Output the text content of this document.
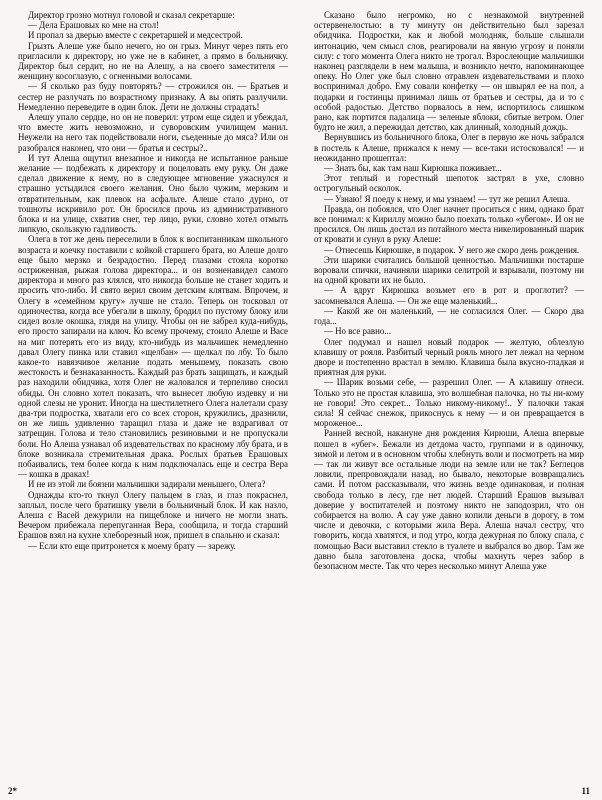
Директор грозно мотнул головой и сказал секретарше:

— Дела Ерашовых ко мне на стол!

И пропал за дверью вместе с секретаршей и медсестрой.

Грызть Алеше уже было нечего, но он грыз. Минут через пять его пригласили к директору, но уже не в кабинет, а прямо в больничку. Директор был сердит, но не на Алешу, а на своего заместителя — женщину косоглазую, с огненными волосами.

— Я сколько раз буду повторять? — строжился он. — Братьев и сестер не разлучать по возрастному признаку. А вы опять разлучили. Немедленно переведите в один блок. Дети не должны страдать!

Алешу упало сердце, но он не поверил: утром еще сидел и убеждал, что вместе жить невозможно, и суворовским училищем манил. Неужели на него так подействовали ноги, съеденные до мяса? Или он разобрался наконец, что они — братья и сестры?..

И тут Алеша ощутил внезапное и никогда не испытанное раньше желание — подбежать к директору и поцеловать ему руку. Он даже сделал движение к нему, но в следующее мгновение ужаснулся и страшно устыдился своего желания. Оно было чужим, мерзким и отвратительным, как плевок на асфальте. Алеше стало дурно, от тошноты искривило рот. Он бросился прочь из административного блока и на улице, схватив снег, тер лицо, руки, словно хотел отмыть липкую, скользкую гадливость.

Олега в тот же день переселили в блок к воспитанникам школьного возраста и коечку поставили с койкой старшего брата, но Алеше долго еще было мерзко и безрадостно. Перед глазами стояла коротко остриженная, рыжая голова директора... и он возненавидел самого директора и много раз клялся, что никогда больше не станет ходить и просить что-либо. И свято верил своим детским клятвам. Впрочем, и Олегу в «семейном кругу» лучше не стало. Теперь он тосковал от одиночества, когда все убегали в школу, бродил по пустому блоку или сидел возле окошка, глядя на улицу. Чтобы он не забрел куда-нибудь, его просто запирали на ключ. Ко всему прочему, стоило Алеше и Васе на миг потерять его из виду, кто-нибудь из мальчишек немедленно давал Олегу пинка или ставил «щелбан» — щелкал по лбу. То было какое-то навязчивое желание подать меньшему, показать свою жестокость и безнаказанность. Каждый раз брать защищать, и каждый раз находили обидчика, хотя Олег не жаловался и терпеливо сносил обиды. Он словно хотел показать, что вынесет любую издевку и ни одной слезы не уронит. Иногда на шестилетнего Олега налетали сразу два-три подростка, хватали его со всех сторон, кружились, дразнили, он же лишь удивленно таращил глаза и даже не вздрагивал от затрещин. Голова и тело становились резиновыми и не пропускали боли. Но Алеша узнавал об издевательствах по красному лбу брата, и в блоке возникала стремительная драка. Рослых братьев Ерашовых побаивались, тем более когда к ним подключалась еще и сестра Вера — кошка в драках!

И не из этой ли боязни мальчишки задирали меньшего, Олега?

Однажды кто-то ткнул Олегу пальцем в глаз, и глаз покраснел, заплыл, после чего братишку увели в больничный блок. И как назло, Алеша с Васей дежурили на пищеблоке и ничего не могли знать. Вечером прибежала перепуганная Вера, сообщила, и тогда старший Ерашов взял на кухне хлеборезный нож, пришел в спальню и сказал:

— Если кто еще притронется к моему брату — зарежу.

Сказано было негромко, но с незнакомой внутренней остервенелостью: в ту минуту он действительно был зарезал обидчика. Подростки, как и любой молодняк, больше слышали интонацию, чем смысл слов, реагировали на явную угрозу и поняли силу: с того момента Олега никто не трогал. Взрослеющие мальчишки наконец разглядели в нем малыша, и возникло нечто, напоминающее опеку. Но Олег уже был словно отравлен издевательствами и плохо воспринимал добро. Ему совали конфетку — он швырял ее на пол, а подарки и гостинцы принимал лишь от братьев и сестры, да и то с особой радостью. Детство порвалось в нем, испортилось слишком рано, как портится падалица — зеленые яблоки, сбитые ветром. Олег будто не жил, а пережидал детство, как длинный, холодный дождь.

Вернувшись из больничного блока, Олег в первую же ночь забрался в постель к Алеше, прижался к нему — все-таки истосковался! — и неожиданно прошептал:

— Знать бы, как там наш Кирюшка поживает...

Этот теплый и горестный шепоток застрял в ухе, словно острогульный осколок.

— Узнаю! Я поеду к нему, и мы узнаем! — тут же решил Алеша.

Правда, он побоялся, что Олег начнет проситься с ним, однако брат все понимал: к Кириллу можно было поехать только «убегом». И он не просился. Он лишь достал из потайного места никелированный шарик от кровати и сунул в руку Алеше:

— Отнесешь Кирюшке, в подарок. У него же скоро день рождения.

Эти шарики считались большой ценностью. Мальчишки постарше воровали спички, начиняли шарики селитрой и взрывали, поэтому ни на одной кровати их не было.

— А вдруг Кирюшка возьмет его в рот и проглотит? — засомневался Алеша. — Он же еще маленький...

— Какой же он маленький, — не согласился Олег. — Скоро два года...

— Но все равно...

Олег подумал и нашел новый подарок — желтую, облезлую клавишу от рояля. Разбитый черный рояль много лет лежал на черном дворе и постепенно врастал в землю. Клавиша была вкусно-гладкая и приятная для руки.

— Шарик возьми себе, — разрешил Олег. — А клавишу отнеси. Только это не простая клавиша, это волшебная палочка, но ты ни-кому не говори! Это секрет... Только никому-никому!.. У палочки такая сила! Я сейчас снежок, прикоснусь к нему — и он превращается в мороженое...

Ранней весной, накануне дня рождения Кирюши, Алеша впервые пошел в «убег». Бежали из детдома часто, группами и в одиночку, зимой и летом и в основном чтобы хлебнуть воли и посмотреть на мир — так ли живут все остальные люди на земле или не так? Беглецов ловили, препровождали назад, но бывало, некоторые возвращались сами. И потом рассказывали, что жизнь везде одинаковая, и полная свобода только в лесу, где нет людей. Старший Ерашов вызывал доверие у воспитателей и поэтому никто не заподозрил, что он собирается на волю. А сау уже давно копили деньги в дорогу, в том числе и девочки, с которыми жила Вера. Алеша начал сестру, что говорить, когда хватятся, и под утро, когда дежурная по блоку спала, с помощью Васи выставил стекло в туалете и выбрался во двор. Там же давно была заготовлена доска, чтобы махнуть через забор в безопасном месте. Так что через несколько минут Алеша уже

2*	11
